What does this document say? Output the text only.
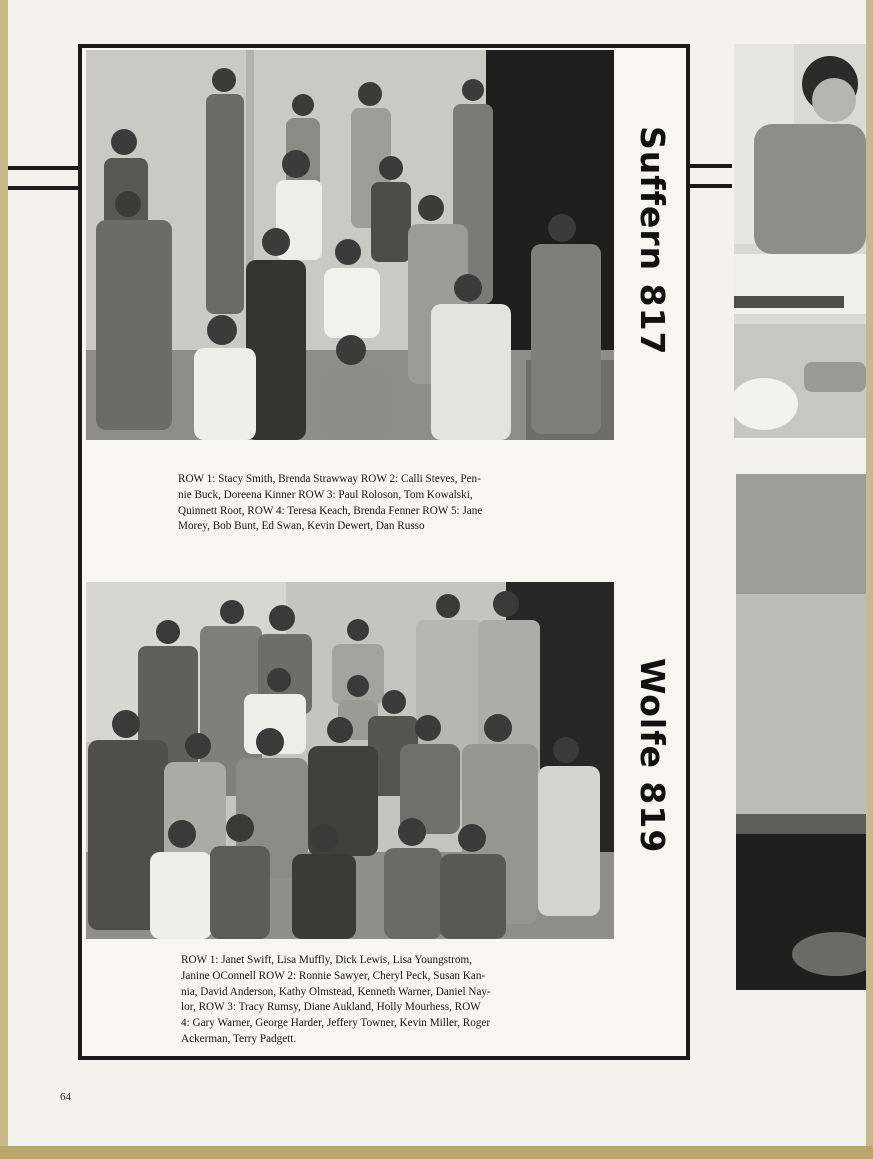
Suffern 817
ROW 1: Stacy Smith, Brenda Strawway ROW 2: Calli Steves, Pen-
nie Buck, Doreena Kinner ROW 3: Paul Roloson, Tom Kowalski,
Quinnett Root, ROW 4: Teresa Keach, Brenda Fenner ROW 5: Jane
Morey, Bob Bunt, Ed Swan, Kevin Dewert, Dan Russo
Wolfe 819
ROW 1: Janet Swift, Lisa Muffly, Dick Lewis, Lisa Youngstrom,
Janine OConnell ROW 2: Ronnie Sawyer, Cheryl Peck, Susan Kan-
nia, David Anderson, Kathy Olmstead, Kenneth Warner, Daniel Nay-
lor, ROW 3: Tracy Rumsy, Diane Aukland, Holly Mourhess, ROW
4: Gary Warner, George Harder, Jeffery Towner, Kevin Miller, Roger
Ackerman, Terry Padgett.
64
